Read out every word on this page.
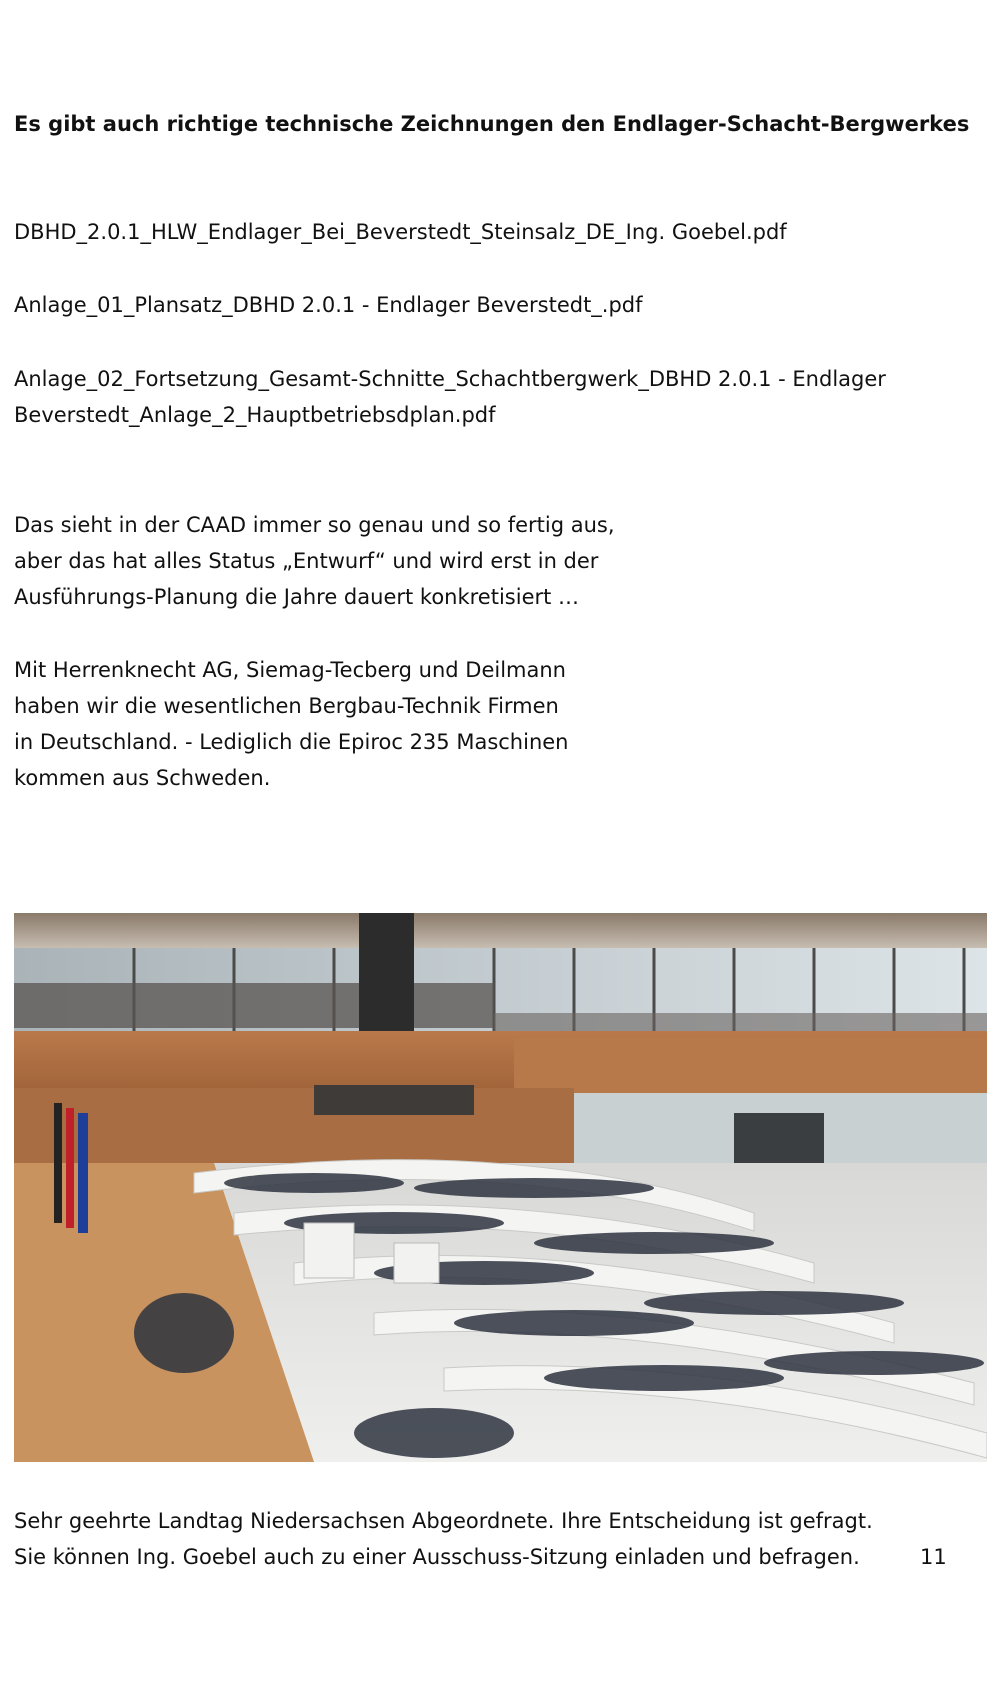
Es gibt auch richtige technische Zeichnungen den Endlager-Schacht-Bergwerkes
DBHD_2.0.1_HLW_Endlager_Bei_Beverstedt_Steinsalz_DE_Ing. Goebel.pdf
Anlage_01_Plansatz_DBHD 2.0.1 - Endlager Beverstedt_.pdf
Anlage_02_Fortsetzung_Gesamt-Schnitte_Schachtbergwerk_DBHD 2.0.1 - Endlager
Beverstedt_Anlage_2_Hauptbetriebsdplan.pdf
Das sieht in der CAAD immer so genau und so fertig aus,
aber das hat alles Status „Entwurf“ und wird erst in der
Ausführungs-Planung die Jahre dauert konkretisiert …
Mit Herrenknecht AG, Siemag-Tecberg und Deilmann
haben wir die wesentlichen Bergbau-Technik Firmen
in Deutschland. - Lediglich die Epiroc 235 Maschinen
kommen aus Schweden.
Sehr geehrte Landtag Niedersachsen Abgeordnete. Ihre Entscheidung ist gefragt.
Sie können Ing. Goebel auch zu einer Ausschuss-Sitzung einladen und befragen.	11
